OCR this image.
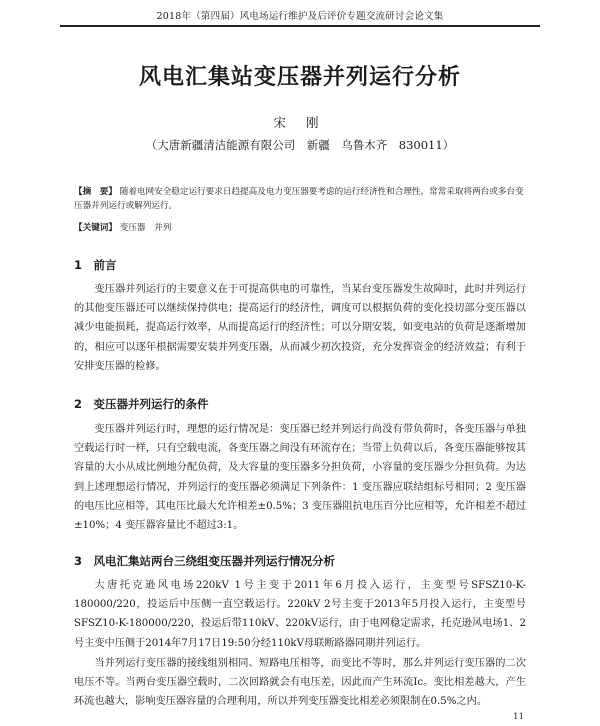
2018年（第四届）风电场运行维护及后评价专题交流研讨会论文集
风电汇集站变压器并列运行分析
宋 刚
（大唐新疆清洁能源有限公司　新疆　乌鲁木齐　830011）
【摘　要】 随着电网安全稳定运行要求日趋提高及电力变压器要考虑的运行经济性和合理性，常常采取将两台或多台变压器并列运行或解列运行。
【关键词】 变压器　并列
1　前言

变压器并列运行的主要意义在于可提高供电的可靠性，当某台变压器发生故障时，此时并列运行的其他变压器还可以继续保持供电；提高运行的经济性，调度可以根据负荷的变化投切部分变压器以减少电能损耗，提高运行效率，从而提高运行的经济性；可以分期安装，如变电站的负荷是逐渐增加的，相应可以逐年根据需要安装并列变压器，从而减少初次投资，充分发挥资金的经济效益；有利于安排变压器的检修。

2　变压器并列运行的条件

变压器并列运行时，理想的运行情况是：变压器已经并列运行尚没有带负荷时，各变压器与单独空载运行时一样，只有空载电流，各变压器之间没有环流存在；当带上负荷以后，各变压器能够按其容量的大小从成比例地分配负荷，及大容量的变压器多分担负荷，小容量的变压器少分担负荷。为达到上述理想运行情况，并列运行的变压器必须满足下列条件：1 变压器应联结组标号相同；2 变压器的电压比应相等，其电压比最大允许相差±0.5%；3 变压器阻抗电压百分比应相等，允许相差不超过±10%；4 变压器容量比不超过3:1。

3　风电汇集站两台三绕组变压器并列运行情况分析

大唐托克逊风电场220kV 1号主变于2011年6月投入运行，主变型号SFSZ10-K-180000/220，投运后中压侧一直空载运行。220kV 2号主变于2013年5月投入运行，主变型号SFSZ10-K-180000/220，投运后带110kV、220kV运行，由于电网稳定需求，托克逊风电场1、2号主变中压侧于2014年7月17日19:50分经110kV母联断路器同期并列运行。

当并列运行变压器的接线组别相同、短路电压相等，而变比不等时，那么并列运行变压器的二次电压不等。当两台变压器空载时，二次回路就会有电压差，因此而产生环流Ic。变比相差越大，产生环流也越大，影响变压器容量的合理利用，所以并列变压器变比相差必须限制在0.5%之内。

11
